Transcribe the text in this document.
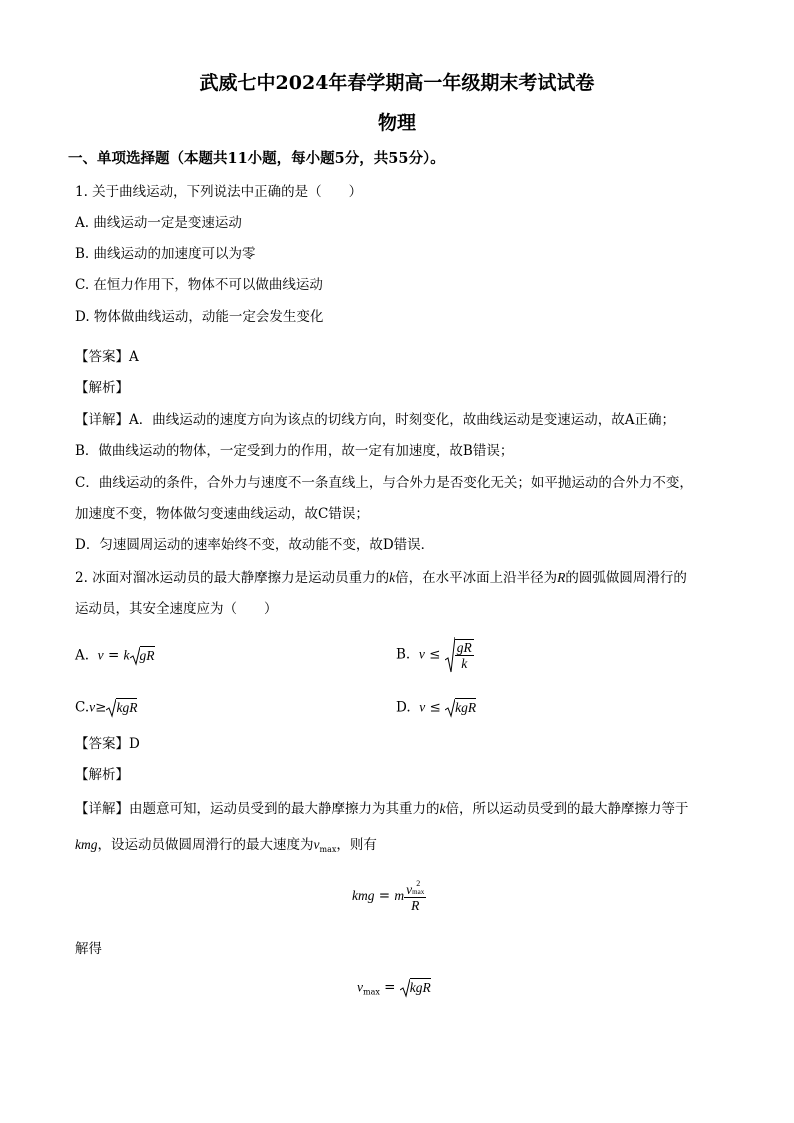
武威七中2024年春学期高一年级期末考试试卷
物理
一、单项选择题（本题共11小题，每小题5分，共55分）。
1. 关于曲线运动，下列说法中正确的是（　　）
A. 曲线运动一定是变速运动
B. 曲线运动的加速度可以为零
C. 在恒力作用下，物体不可以做曲线运动
D. 物体做曲线运动，动能一定会发生变化
【答案】A
【解析】
【详解】A．曲线运动的速度方向为该点的切线方向，时刻变化，故曲线运动是变速运动，故A正确；
B．做曲线运动的物体，一定受到力的作用，故一定有加速度，故B错误；
C．曲线运动的条件，合外力与速度不一条直线上，与合外力是否变化无关；如平抛运动的合外力不变，
加速度不变，物体做匀变速曲线运动，故C错误；
D．匀速圆周运动的速率始终不变，故动能不变，故D错误．
2. 冰面对溜冰运动员的最大静摩擦力是运动员重力的k倍，在水平冰面上沿半径为R的圆弧做圆周滑行的
运动员，其安全速度应为（　　）
A. v = k gR	B. $v \le \frac{gR}{k}$
C.v≥ kgR	D. v ≤ kgR
【答案】D
【解析】
【详解】由题意可知，运动员受到的最大静摩擦力为其重力的k倍，所以运动员受到的最大静摩擦力等于
kmg，设运动员做圆周滑行的最大速度为$v_{max}$，则有
kmg = m v 2
max
R
解得
$v_{max}$ = kgR
